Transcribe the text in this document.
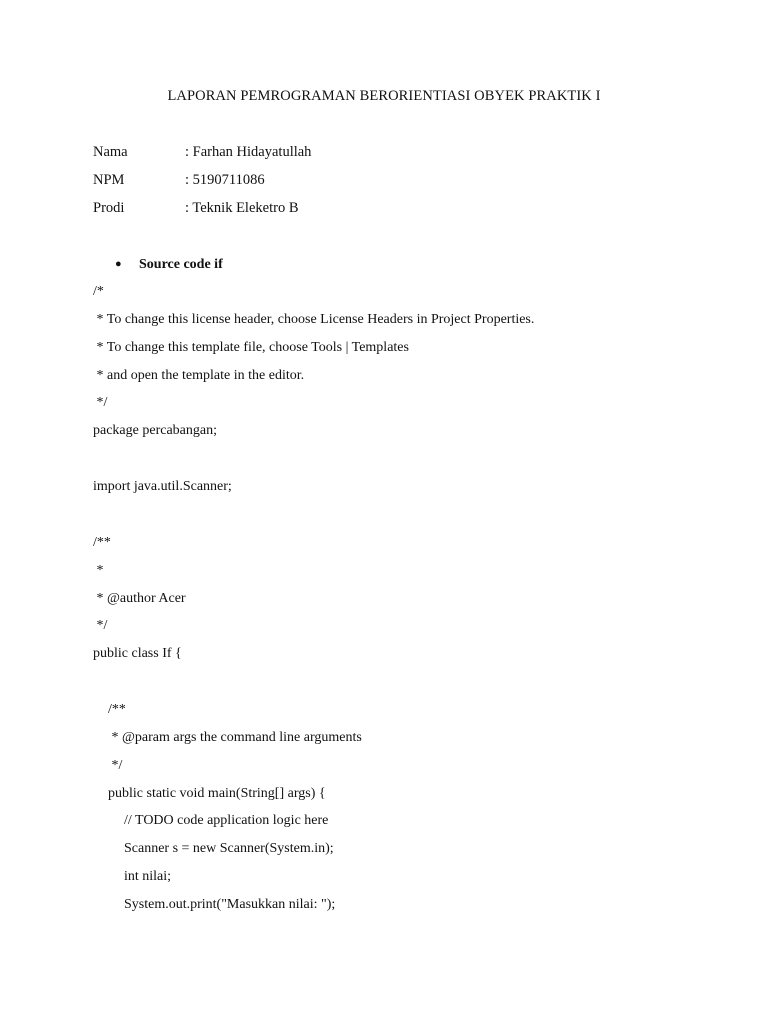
LAPORAN PEMROGRAMAN BERORIENTIASI OBYEK PRAKTIK I
Nama	: Farhan Hidayatullah
NPM	: 5190711086
Prodi	: Teknik Eleketro B
● Source code if
/*
* To change this license header, choose License Headers in Project Properties.
* To change this template file, choose Tools | Templates
* and open the template in the editor.
*/
package percabangan;
import java.util.Scanner;
/**
*
* @author Acer
*/
public class If {
/**
* @param args the command line arguments
*/
public static void main(String[] args) {
// TODO code application logic here
Scanner s = new Scanner(System.in);
int nilai;
System.out.print("Masukkan nilai: ");
